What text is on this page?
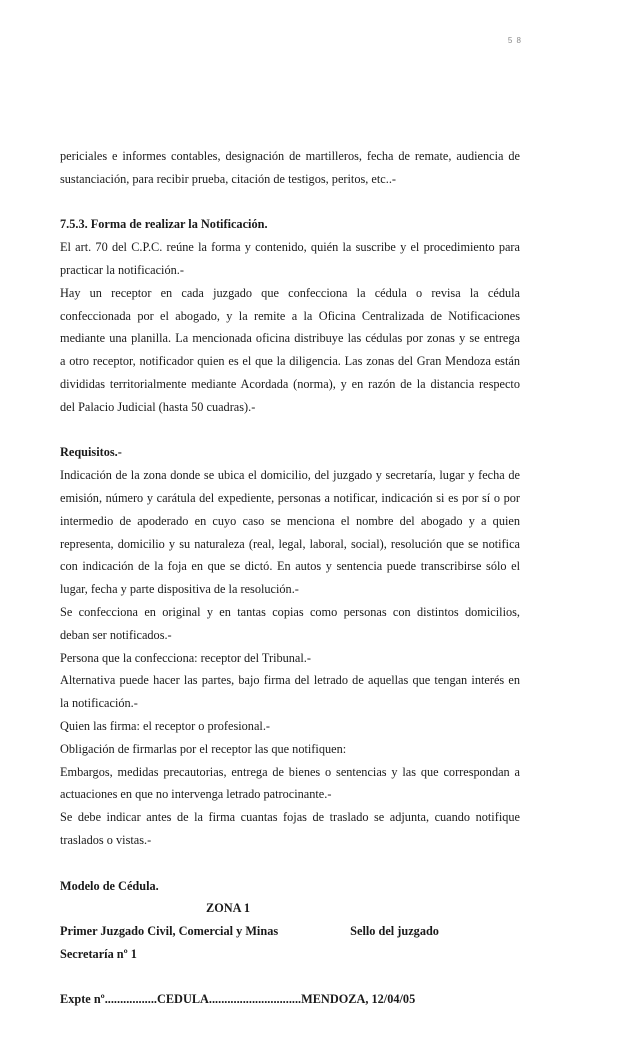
5 8

periciales e informes contables, designación de martilleros, fecha de remate, audiencia de

sustanciación, para recibir prueba, citación de testigos, peritos, etc..-

7.5.3. Forma de realizar la Notificación.

El art. 70 del C.P.C. reúne la forma y contenido, quién la suscribe y el procedimiento para

practicar la notificación.-

Hay un receptor en cada juzgado que confecciona la cédula o revisa la cédula

confeccionada por el abogado, y la remite a la Oficina Centralizada de Notificaciones

mediante una planilla. La mencionada oficina distribuye las cédulas por zonas y se entrega

a otro receptor, notificador quien es el que la diligencia. Las zonas del Gran Mendoza están

divididas territorialmente mediante Acordada (norma), y en razón de la distancia respecto

del Palacio Judicial (hasta 50 cuadras).-

Requisitos.-

Indicación de la zona donde se ubica el domicilio, del juzgado y secretaría, lugar y fecha de

emisión, número y carátula del expediente, personas a notificar, indicación si es por sí o por

intermedio de apoderado en cuyo caso se menciona el nombre del abogado y a quien

representa, domicilio y su naturaleza (real, legal, laboral, social), resolución que se notifica

con indicación de la foja en que se dictó. En autos y sentencia puede transcribirse sólo el

lugar, fecha y parte dispositiva de la resolución.-

Se confecciona en original y en tantas copias como personas con distintos domicilios,

deban ser notificados.-

Persona que la confecciona: receptor del Tribunal.-

Alternativa puede hacer las partes, bajo firma del letrado de aquellas que tengan interés en

la notificación.-

Quien las firma: el receptor o profesional.-

Obligación de firmarlas por el receptor las que notifiquen:

Embargos, medidas precautorias, entrega de bienes o sentencias y las que correspondan a

actuaciones en que no intervenga letrado patrocinante.-

Se debe indicar antes de la firma cuantas fojas de traslado se adjunta, cuando notifique

traslados o vistas.-

Modelo de Cédula.

ZONA 1

Primer Juzgado Civil, Comercial y Minas	Sello del juzgado

Secretaría nº 1

Expte nº.................CEDULA..............................MENDOZA, 12/04/05
